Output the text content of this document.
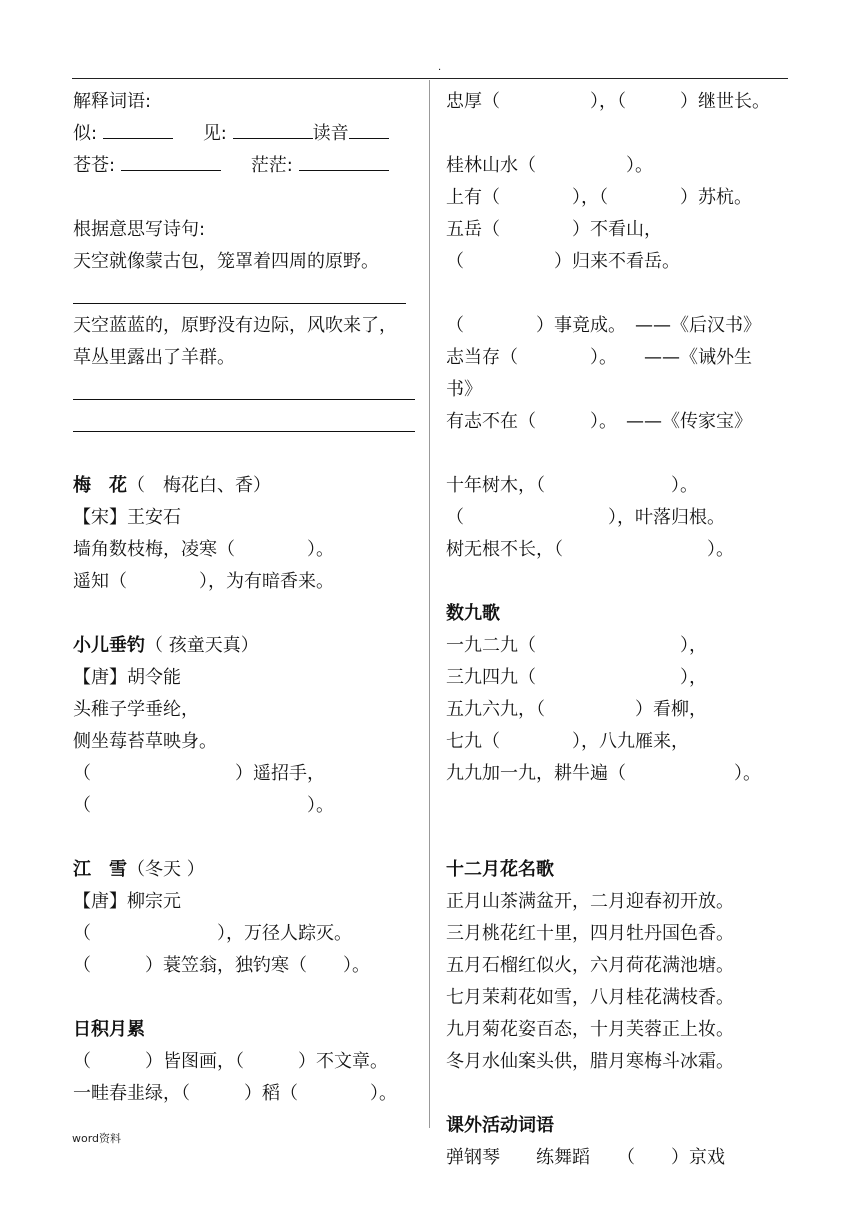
.
解释词语:
似:	见:	读音
苍苍:	茫茫:
根据意思写诗句:
天空就像蒙古包，笼罩着四周的原野。
天空蓝蓝的，原野没有边际，风吹来了，
草丛里露出了羊群。
梅　花（　梅花白、香）
【宋】王安石
墙角数枝梅，凌寒（　　　　）。
遥知（　　　　），为有暗香来。
小儿垂钓（ 孩童天真）
【唐】胡令能
头稚子学垂纶，
侧坐莓苔草映身。
（　　　　　　　　）遥招手，
（　　　　　　　　　　　　）。
江　雪（冬天 ）
【唐】柳宗元
（　　　　　　　），万径人踪灭。
（　　　）蓑笠翁，独钓寒（　　）。
日积月累
（　　　）皆图画，（　　　）不文章。
一畦春韭绿，（　　　）稻（　　　　）。
忠厚（　　　　　），（　　　）继世长。
桂林山水（　　　　　）。
上有（　　　　），（　　　　）苏杭。
五岳（　　　　）不看山，
（　　　　　）归来不看岳。
（　　　　）事竟成。　——《后汉书》
志当存（　　　　）。　　——《诫外生
书》
有志不在（　　　）。　——《传家宝》
十年树木，（　　　　　　　）。
（　　　　　　　　），叶落归根。
树无根不长，（　　　　　　　　）。
数九歌
一九二九（　　　　　　　　），
三九四九（　　　　　　　　），
五九六九，（　　　　　）看柳，
七九（　　　　），八九雁来，
九九加一九，耕牛遍（　　　　　　）。
十二月花名歌
正月山茶满盆开，二月迎春初开放。
三月桃花红十里，四月牡丹国色香。
五月石榴红似火，六月荷花满池塘。
七月茉莉花如雪，八月桂花满枝香。
九月菊花姿百态，十月芙蓉正上妆。
冬月水仙案头供，腊月寒梅斗冰霜。
课外活动词语
弹钢琴　　练舞蹈　　（　　）京戏
word资料
